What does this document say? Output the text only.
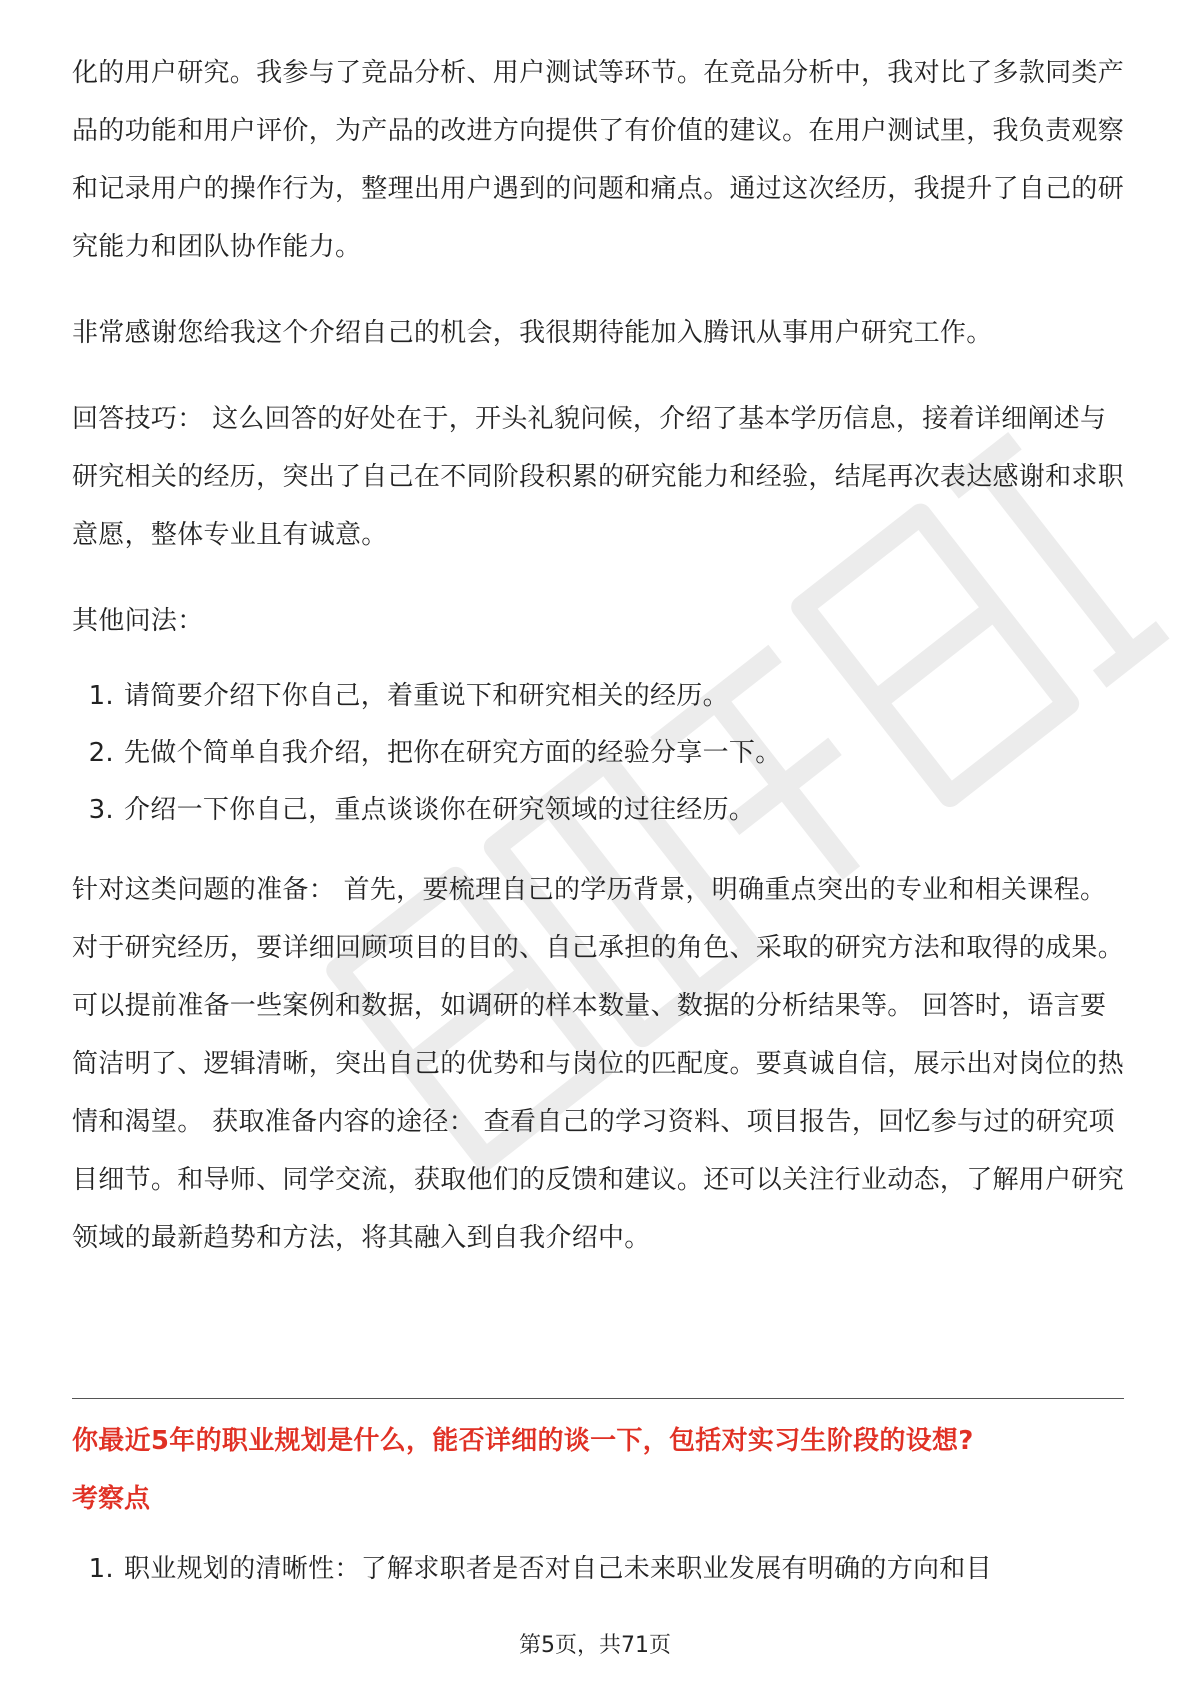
化的用户研究。我参与了竞品分析、用户测试等环节。在竞品分析中，我对比了多款同类产品的功能和用户评价，为产品的改进方向提供了有价值的建议。在用户测试里，我负责观察和记录用户的操作行为，整理出用户遇到的问题和痛点。通过这次经历，我提升了自己的研究能力和团队协作能力。

非常感谢您给我这个介绍自己的机会，我很期待能加入腾讯从事用户研究工作。

回答技巧： 这么回答的好处在于，开头礼貌问候，介绍了基本学历信息，接着详细阐述与研究相关的经历，突出了自己在不同阶段积累的研究能力和经验，结尾再次表达感谢和求职意愿，整体专业且有诚意。

其他问法：

1. 请简要介绍下你自己，着重说下和研究相关的经历。
2. 先做个简单自我介绍，把你在研究方面的经验分享一下。
3. 介绍一下你自己，重点谈谈你在研究领域的过往经历。

针对这类问题的准备： 首先，要梳理自己的学历背景，明确重点突出的专业和相关课程。对于研究经历，要详细回顾项目的目的、自己承担的角色、采取的研究方法和取得的成果。可以提前准备一些案例和数据，如调研的样本数量、数据的分析结果等。 回答时，语言要简洁明了、逻辑清晰，突出自己的优势和与岗位的匹配度。要真诚自信，展示出对岗位的热情和渴望。 获取准备内容的途径： 查看自己的学习资料、项目报告，回忆参与过的研究项目细节。和导师、同学交流，获取他们的反馈和建议。还可以关注行业动态，了解用户研究领域的最新趋势和方法，将其融入到自我介绍中。

你最近5年的职业规划是什么，能否详细的谈一下，包括对实习生阶段的设想?
考察点
1. 职业规划的清晰性：了解求职者是否对自己未来职业发展有明确的方向和目
第5页，共71页
